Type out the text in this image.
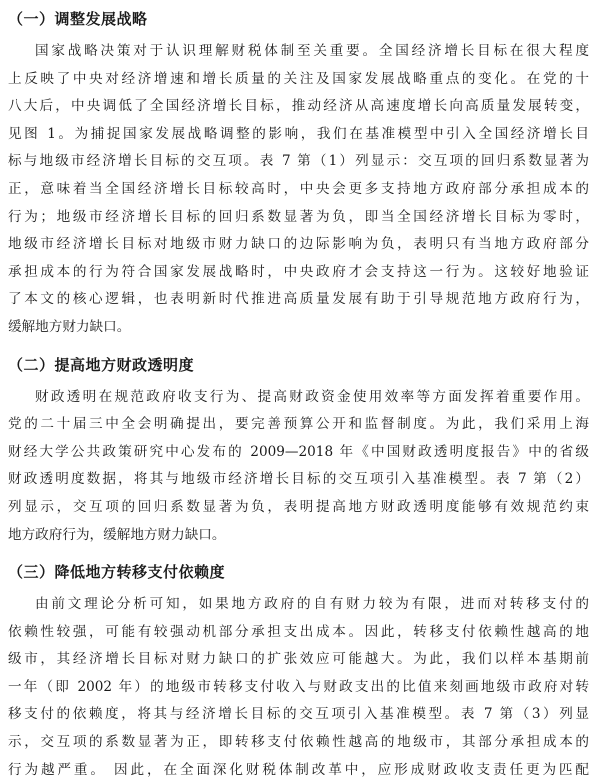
（一）调整发展战略
国家战略决策对于认识理解财税体制至关重要。全国经济增长目标在很大程度
上反映了中央对经济增速和增长质量的关注及国家发展战略重点的变化。在党的十
八大后，中央调低了全国经济增长目标，推动经济从高速度增长向高质量发展转变，
见图 1。为捕捉国家发展战略调整的影响，我们在基准模型中引入全国经济增长目
标与地级市经济增长目标的交互项。表 7 第（1）列显示：交互项的回归系数显著为
正，意味着当全国经济增长目标较高时，中央会更多支持地方政府部分承担成本的
行为；地级市经济增长目标的回归系数显著为负，即当全国经济增长目标为零时，
地级市经济增长目标对地级市财力缺口的边际影响为负，表明只有当地方政府部分
承担成本的行为符合国家发展战略时，中央政府才会支持这一行为。这较好地验证
了本文的核心逻辑，也表明新时代推进高质量发展有助于引导规范地方政府行为，
缓解地方财力缺口。
（二）提高地方财政透明度
财政透明在规范政府收支行为、提高财政资金使用效率等方面发挥着重要作用。
党的二十届三中全会明确提出，要完善预算公开和监督制度。为此，我们采用上海
财经大学公共政策研究中心发布的 2009—2018 年《中国财政透明度报告》中的省级
财政透明度数据，将其与地级市经济增长目标的交互项引入基准模型。表 7 第（2）
列显示，交互项的回归系数显著为负，表明提高地方财政透明度能够有效规范约束
地方政府行为，缓解地方财力缺口。
（三）降低地方转移支付依赖度
由前文理论分析可知，如果地方政府的自有财力较为有限，进而对转移支付的
依赖性较强，可能有较强动机部分承担支出成本。因此，转移支付依赖性越高的地
级市，其经济增长目标对财力缺口的扩张效应可能越大。为此，我们以样本基期前
一年（即 2002 年）的地级市转移支付收入与财政支出的比值来刻画地级市政府对转
移支付的依赖度，将其与经济增长目标的交互项引入基准模型。表 7 第（3）列显
示，交互项的系数显著为正，即转移支付依赖性越高的地级市，其部分承担成本的
行为越严重。 因此，在全面深化财税体制改革中，应形成财政收支责任更为匹配
